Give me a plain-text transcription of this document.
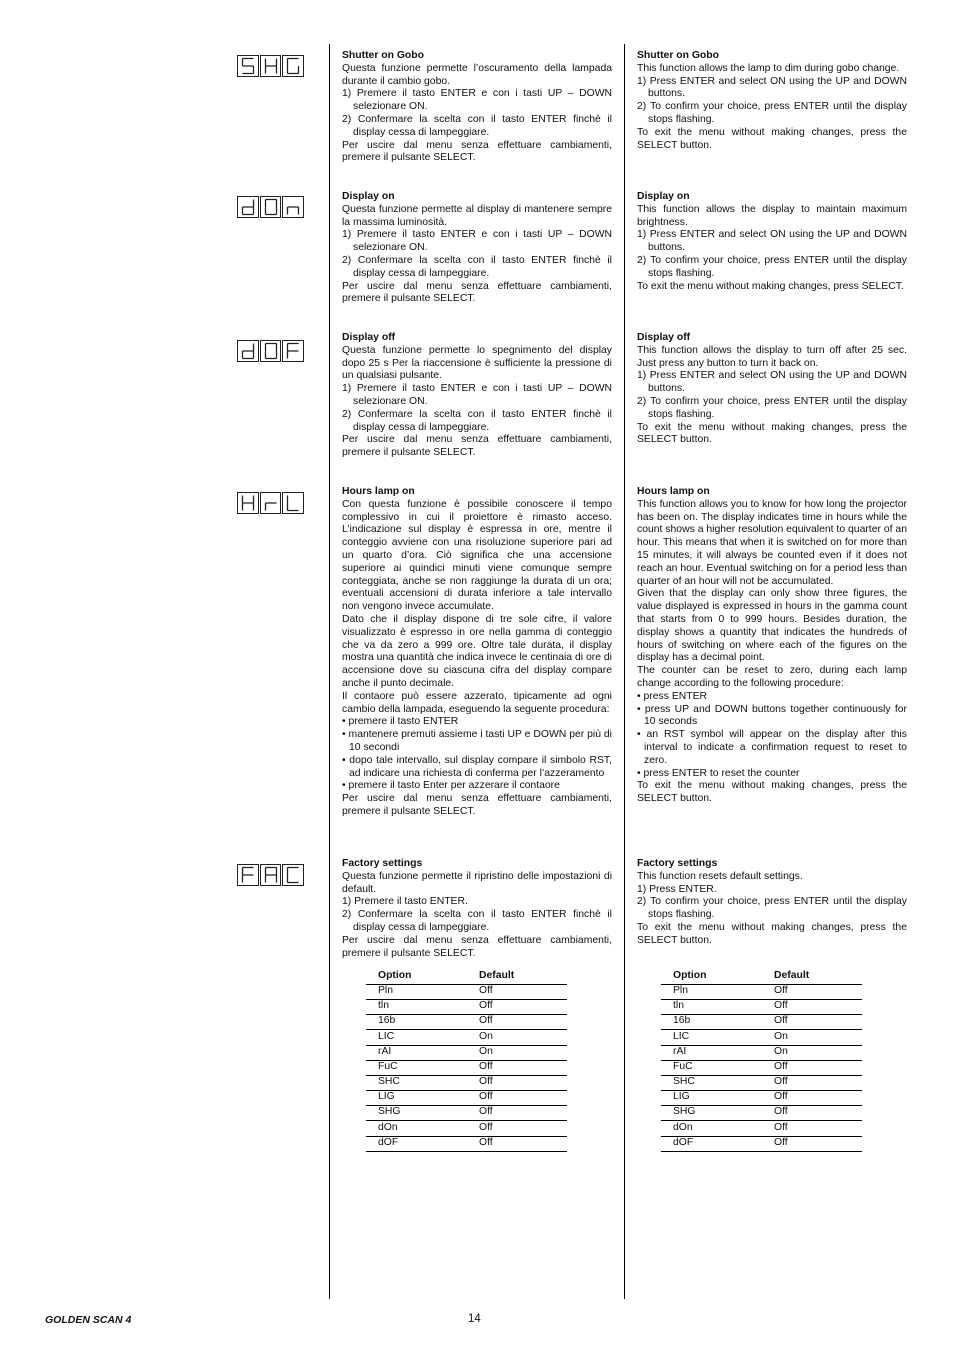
Shutter on Gobo

Questa funzione permette l’oscuramento della lampada durante il cambio gobo.

1) Premere il tasto ENTER e con i tasti UP – DOWN selezionare ON.

2) Confermare la scelta con il tasto ENTER finchè il display cessa di lampeggiare.

Per uscire dal menu senza effettuare cambiamenti, premere il pulsante SELECT.

Display on

Questa funzione permette al display di mantenere sempre la massima luminosità.

1) Premere il tasto ENTER e con i tasti UP – DOWN selezionare ON.

2) Confermare la scelta con il tasto ENTER finchè il display cessa di lampeggiare.

Per uscire dal menu senza effettuare cambiamenti, premere il pulsante SELECT.

Display off

Questa funzione permette lo spegnimento del display dopo 25 s Per la riaccensione è sufficiente la pressione di un qualsiasi pulsante.

1) Premere il tasto ENTER e con i tasti UP – DOWN selezionare ON.

2) Confermare la scelta con il tasto ENTER finchè il display cessa di lampeggiare.

Per uscire dal menu senza effettuare cambiamenti, premere il pulsante SELECT.

Hours lamp on

Con questa funzione è possibile conoscere il tempo complessivo in cui il proiettore è rimasto acceso. L’indicazione sul display è espressa in ore, mentre il conteggio avviene con una risoluzione superiore pari ad un quarto d’ora. Ciò significa che una accensione superiore ai quindici minuti viene comunque sempre conteggiata, anche se non raggiunge la durata di un ora; eventuali accensioni di durata inferiore a tale intervallo non vengono invece accumulate.

Dato che il display dispone di tre sole cifre, il valore visualizzato è espresso in ore nella gamma di conteggio che va da zero a 999 ore. Oltre tale durata, il display mostra una quantità che indica invece le centinaia di ore di accensione dove su ciascuna cifra del display compare anche il punto decimale.

Il contaore può essere azzerato, tipicamente ad ogni cambio della lampada, eseguendo la seguente procedura:

• premere il tasto ENTER

• mantenere premuti assieme i tasti UP e DOWN per più di 10 secondi

• dopo tale intervallo, sul display compare il simbolo RST, ad indicare una richiesta di conferma per l’azzeramento

• premere il tasto Enter per azzerare il contaore

Per uscire dal menu senza effettuare cambiamenti, premere il pulsante SELECT.

Factory settings

Questa funzione permette il ripristino delle impostazioni di default.

1) Premere il tasto ENTER.

2) Confermare la scelta con il tasto ENTER finchè il display cessa di lampeggiare.

Per uscire dal menu senza effettuare cambiamenti, premere il pulsante SELECT.

Shutter on Gobo

This function allows the lamp to dim during gobo change.

1) Press ENTER and select ON using the UP and DOWN buttons.

2) To confirm your choice, press ENTER until the display stops flashing.

To exit the menu without making changes, press the SELECT button.

Display on

This function allows the display to maintain maximum brightness.

1) Press ENTER and select ON using the UP and DOWN buttons.

2) To confirm your choice, press ENTER until the display stops flashing.

To exit the menu without making changes, press SELECT.

Display off

This function allows the display to turn off after 25 sec. Just press any button to turn it back on.

1) Press ENTER and select ON using the UP and DOWN buttons.

2) To confirm your choice, press ENTER until the display stops flashing.

To exit the menu without making changes, press the SELECT button.

Hours lamp on

This function allows you to know for how long the projector has been on. The display indicates time in hours while the count shows a higher resolution equivalent to quarter of an hour. This means that when it is switched on for more than 15 minutes, it will always be counted even if it does not reach an hour. Eventual switching on for a period less than quarter of an hour will not be accumulated.

Given that the display can only show three figures, the value displayed is expressed in hours in the gamma count that starts from 0 to 999 hours. Besides duration, the display shows a quantity that indicates the hundreds of hours of switching on where each of the figures on the display has a decimal point.

The counter can be reset to zero, during each lamp change according to the following procedure:

• press ENTER

• press UP and DOWN buttons together continuously for 10 seconds

• an RST symbol will appear on the display after this interval to indicate a confirmation request to reset to zero.

• press ENTER to reset the counter

To exit the menu without making changes, press the SELECT button.

Factory settings

This function resets default settings.

1) Press ENTER.

2) To confirm your choice, press ENTER until the display stops flashing.

To exit the menu without making changes, press the SELECT button.

Option	Default
Pln	Off
tln	Off
16b	Off
LIC	On
rAI	On
FuC	Off
SHC	Off
LIG	Off
SHG	Off
dOn	Off
dOF	Off
Option	Default
Pln	Off
tln	Off
16b	Off
LIC	On
rAI	On
FuC	Off
SHC	Off
LIG	Off
SHG	Off
dOn	Off
dOF	Off
GOLDEN SCAN 4	14
